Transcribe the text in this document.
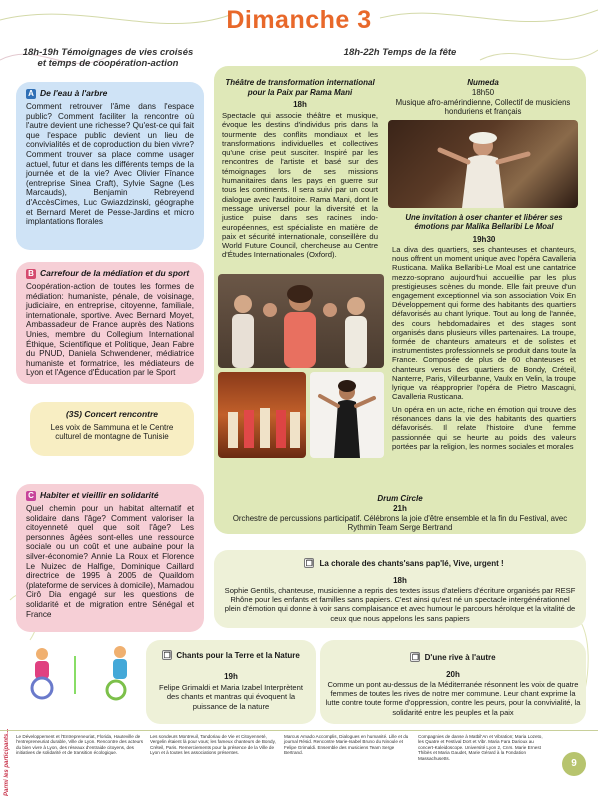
Dimanche 3
18h-19h Témoignages de vies croisés et temps de coopération-action
18h-22h Temps de la fête
A De l'eau à l'arbre
Comment retrouver l'âme dans l'espace public? Comment faciliter la rencontre où l'autre devient une richesse? Qu'est-ce qui fait que l'espace public devient un lieu de convivialités et de coproduction du bien vivre? Comment trouver sa place comme usager actuel, futur et dans les différents temps de la journée et de la vie? Avec Olivier Fînance (entreprise Sinea Craft), Sylvie Sagne (Les Marcauds), Benjamin Rebreyend d'AccèsCimes, Luc Gwiazdzinski, géographe et Bernard Meret de Pesse-Jardins et micro implantations florales
B Carrefour de la médiation et du sport
Coopération-action de toutes les formes de médiation: humaniste, pénale, de voisinage, judiciaire, en entreprise, citoyenne, familiale, internationale, sportive. Avec Bernard Moyet, Ambassadeur de France auprès des Nations Unies, membre du Collegium International Éthique, Scientifique et Politique, Jean Fabre du PNUD, Daniela Schwendener, médiatrice humaniste et formatrice, les médiateurs de Lyon et l'Agence d'Éducation par le Sport
(3S) Concert rencontre
Les voix de Sammuna et le Centre culturel de montagne de Tunisie
C Habiter et vieillir en solidarité
Quel chemin pour un habitat alternatif et solidaire dans l'âge? Comment valoriser la citoyenneté quel que soit l'âge? Les personnes âgées sont-elles une ressource sociale ou un coût et une aubaine pour la silver-économie? Annie La Roux et Florence Le Nuizec de Halfige, Dominique Caillard directrice de 1995 à 2005 de Quaildom (plateforme de services à domicile), Mamadou Cirô Dia engagé sur les questions de solidarité et de migration entre Sénégal et France
Théâtre de transformation international pour la Paix par Rama Mani
18h
Spectacle qui associe théâtre et musique, évoque les destins d'individus pris dans la tourmente des conflits mondiaux et les transformations individuelles et collectives qu'une crise peut susciter. Inspiré par les rencontres de l'artiste et basé sur des témoignages lors de ses missions humanitaires dans les pays en guerre sur tous les continents. Il sera suivi par un court dialogue avec l'auditoire. Rama Mani, dont le message universel pour la diversité et la justice puise dans ses racines indo-européennes, est spécialiste en matière de paix et sécurité internationale, conseillère du World Future Council, chercheuse au Centre d'Études Internationales (Oxford).
Numeda
18h50
Musique afro-amérindienne, Collectif de musiciens honduriens et français
Une invitation à oser chanter et libérer ses émotions par Malika Bellaribi Le Moal
19h30
La diva des quartiers, ses chanteuses et chanteurs, nous offrent un moment unique avec l'opéra Cavalleria Rusticana. Malika Bellaribi-Le Moal est une cantatrice mezzo-soprano aujourd'hui accueillie par les plus prestigieuses scènes du monde. Elle fait preuve d'un engagement exceptionnel via son association Voix En Développement qui forme des habitants des quartiers défavorisés au chant lyrique. Tout au long de l'année, des cours hebdomadaires et des stages sont organisés dans plusieurs villes partenaires. La troupe, formée de chanteurs amateurs et de solistes et instrumentistes professionnels se produit dans toute la France. Composée de plus de 60 chanteuses et chanteurs venus des quartiers de Bondy, Créteil, Nanterre, Paris, Villeurbanne, Vaulx en Velin, la troupe lyrique va réapproprier l'opéra de Pietro Mascagni, Cavalleria Rusticana.
Un opéra en un acte, riche en émotion qui trouve des résonances dans la vie des habitants des quartiers défavorisés. Il relate l'histoire d'une femme passionnée qui se heurte au poids des valeurs portées par la religion, les normes sociales et morales
Drum Circle
21h
Orchestre de percussions participatif. Célébrons la joie d'être ensemble et la fin du Festival, avec Rythmin Team Serge Bertrand
❒ La chorale des chants'sans pap'lé, Vive, urgent !
18h
Sophie Gentils, chanteuse, musicienne a repris des textes issus d'ateliers d'écriture organisés par RESF Rhône pour les enfants et familles sans papiers. C'est ainsi qu'est né un spectacle intergénérationnel plein d'émotion qui donne à voir sans complaisance et avec humour le parcours héroïque et la vitalité de ceux que nous appelons les sans papiers
❒ Chants pour la Terre et la Nature
19h
Felipe Grimaldi et Maria Izabel Interprètent des chants et mantras qui évoquent la puissance de la nature
❒ D'une rive à l'autre
20h
Comme un pont au-dessus de la Méditerranée résonnent les voix de quatre femmes de toutes les rives de notre mer commune. Leur chant exprime la lutte contre toute forme d'oppression, contre les peurs, pour la convivialité, la solidarité entre les peuples et la paix
Parmi les participants... Le Développement et l'Entrepreneuriat, Florida, Hauteville de l'entrepreneuriat durable, Ville de Lyon. Rencontre des acteurs du bien vivre à Lyon, des réseaux d'entraide citoyens, des initiatives de solidarité et de transition écologique.
Les sondeurs Montreuil, Tandoriau de Vie et Citoyenneté, Vergelin étaient là pour vous; les fameux chanteurs de Bondy, Créteil, Paris. Remerciements pour la présence de la Ville de Lyon et à toutes les associations présentes.
Marcus Amado Accomplis, Dialogues en humanité. Lille et du journal Résid. Rencontre Marie-Isabel Bruno du Ninoule et Felipe Grimaldi. Ensemble des musiciens Team Serge Bertrand.
Compagnies de danse à Matbil'An et Vibration; Maria Lozeto, les Quatre et Festival Dort et Vibr. Maria Fara Darioux au concert-Kaleidoscope. Université Lyon 2, Cnrs. Marie Ernest Thibès et Maria Gaudet, Marie Gérard à la Fondation Massachusetts.	9
